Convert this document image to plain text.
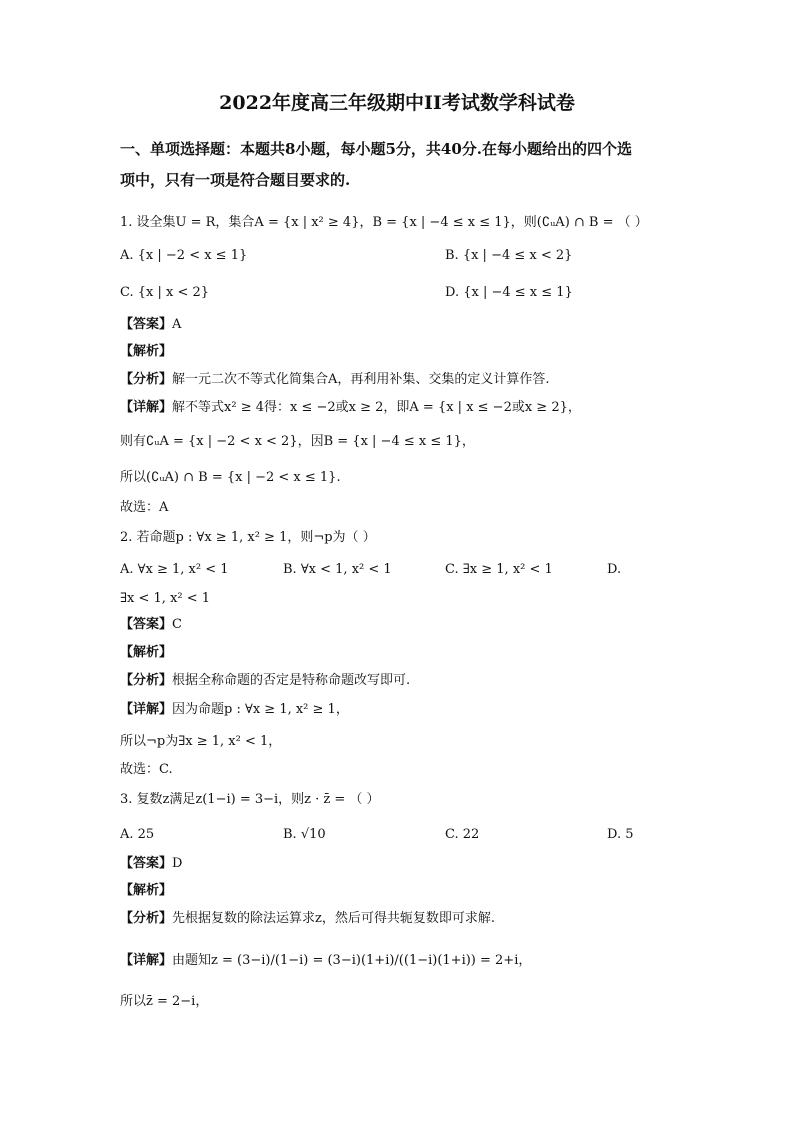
2022年度高三年级期中II考试数学科试卷
一、单项选择题：本题共8小题，每小题5分，共40分.在每小题给出的四个选
项中，只有一项是符合题目要求的.
1. 设全集U = R，集合A = {x | x² ≥ 4}，B = {x | −4 ≤ x ≤ 1}，则(∁ᵤA) ∩ B = （ ）
A. {x | −2 < x ≤ 1}	B. {x | −4 ≤ x < 2}
C. {x | x < 2}	D. {x | −4 ≤ x ≤ 1}
【答案】A
【解析】
【分析】解一元二次不等式化简集合A，再利用补集、交集的定义计算作答.
【详解】解不等式x² ≥ 4得：x ≤ −2或x ≥ 2，即A = {x | x ≤ −2或x ≥ 2}，
则有∁ᵤA = {x | −2 < x < 2}，因B = {x | −4 ≤ x ≤ 1}，
所以(∁ᵤA) ∩ B = {x | −2 < x ≤ 1}.
故选：A
2. 若命题p : ∀x ≥ 1, x² ≥ 1，则¬p为（ ）
A. ∀x ≥ 1, x² < 1	B. ∀x < 1, x² < 1	C. ∃x ≥ 1, x² < 1	D.
∃x < 1, x² < 1
【答案】C
【解析】
【分析】根据全称命题的否定是特称命题改写即可.
【详解】因为命题p : ∀x ≥ 1, x² ≥ 1，
所以¬p为∃x ≥ 1, x² < 1，
故选：C.
3. 复数z满足z(1−i) = 3−i，则z · z̄ = （ ）
A. 25	B. √10	C. 22	D. 5
【答案】D
【解析】
【分析】先根据复数的除法运算求z，然后可得共轭复数即可求解.
【详解】由题知z = (3−i)/(1−i) = (3−i)(1+i)/((1−i)(1+i)) = 2+i，
所以z̄ = 2−i，
